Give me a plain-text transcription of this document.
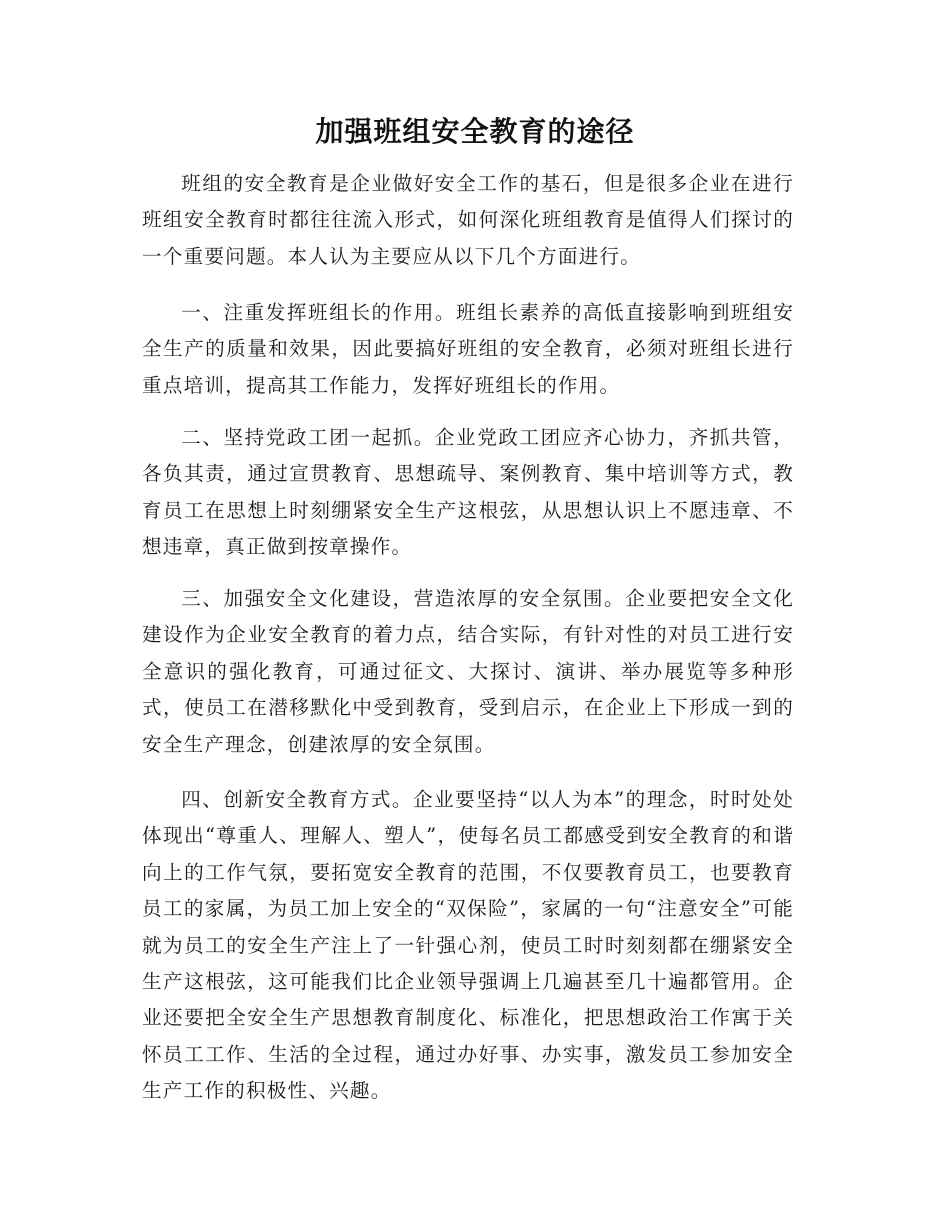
加强班组安全教育的途径

班组的安全教育是企业做好安全工作的基石，但是很多企业在进行班组安全教育时都往往流入形式，如何深化班组教育是值得人们探讨的一个重要问题。本人认为主要应从以下几个方面进行。

一、注重发挥班组长的作用。班组长素养的高低直接影响到班组安全生产的质量和效果，因此要搞好班组的安全教育，必须对班组长进行重点培训，提高其工作能力，发挥好班组长的作用。

二、坚持党政工团一起抓。企业党政工团应齐心协力，齐抓共管，各负其责，通过宣贯教育、思想疏导、案例教育、集中培训等方式，教育员工在思想上时刻绷紧安全生产这根弦，从思想认识上不愿违章、不想违章，真正做到按章操作。

三、加强安全文化建设，营造浓厚的安全氛围。企业要把安全文化建设作为企业安全教育的着力点，结合实际，有针对性的对员工进行安全意识的强化教育，可通过征文、大探讨、演讲、举办展览等多种形式，使员工在潜移默化中受到教育，受到启示，在企业上下形成一到的安全生产理念，创建浓厚的安全氛围。

四、创新安全教育方式。企业要坚持“以人为本”的理念，时时处处体现出“尊重人、理解人、塑人”，使每名员工都感受到安全教育的和谐向上的工作气氛，要拓宽安全教育的范围，不仅要教育员工，也要教育员工的家属，为员工加上安全的“双保险”，家属的一句“注意安全”可能就为员工的安全生产注上了一针强心剂，使员工时时刻刻都在绷紧安全生产这根弦，这可能我们比企业领导强调上几遍甚至几十遍都管用。企业还要把全安全生产思想教育制度化、标准化，把思想政治工作寓于关怀员工工作、生活的全过程，通过办好事、办实事，激发员工参加安全生产工作的积极性、兴趣。
